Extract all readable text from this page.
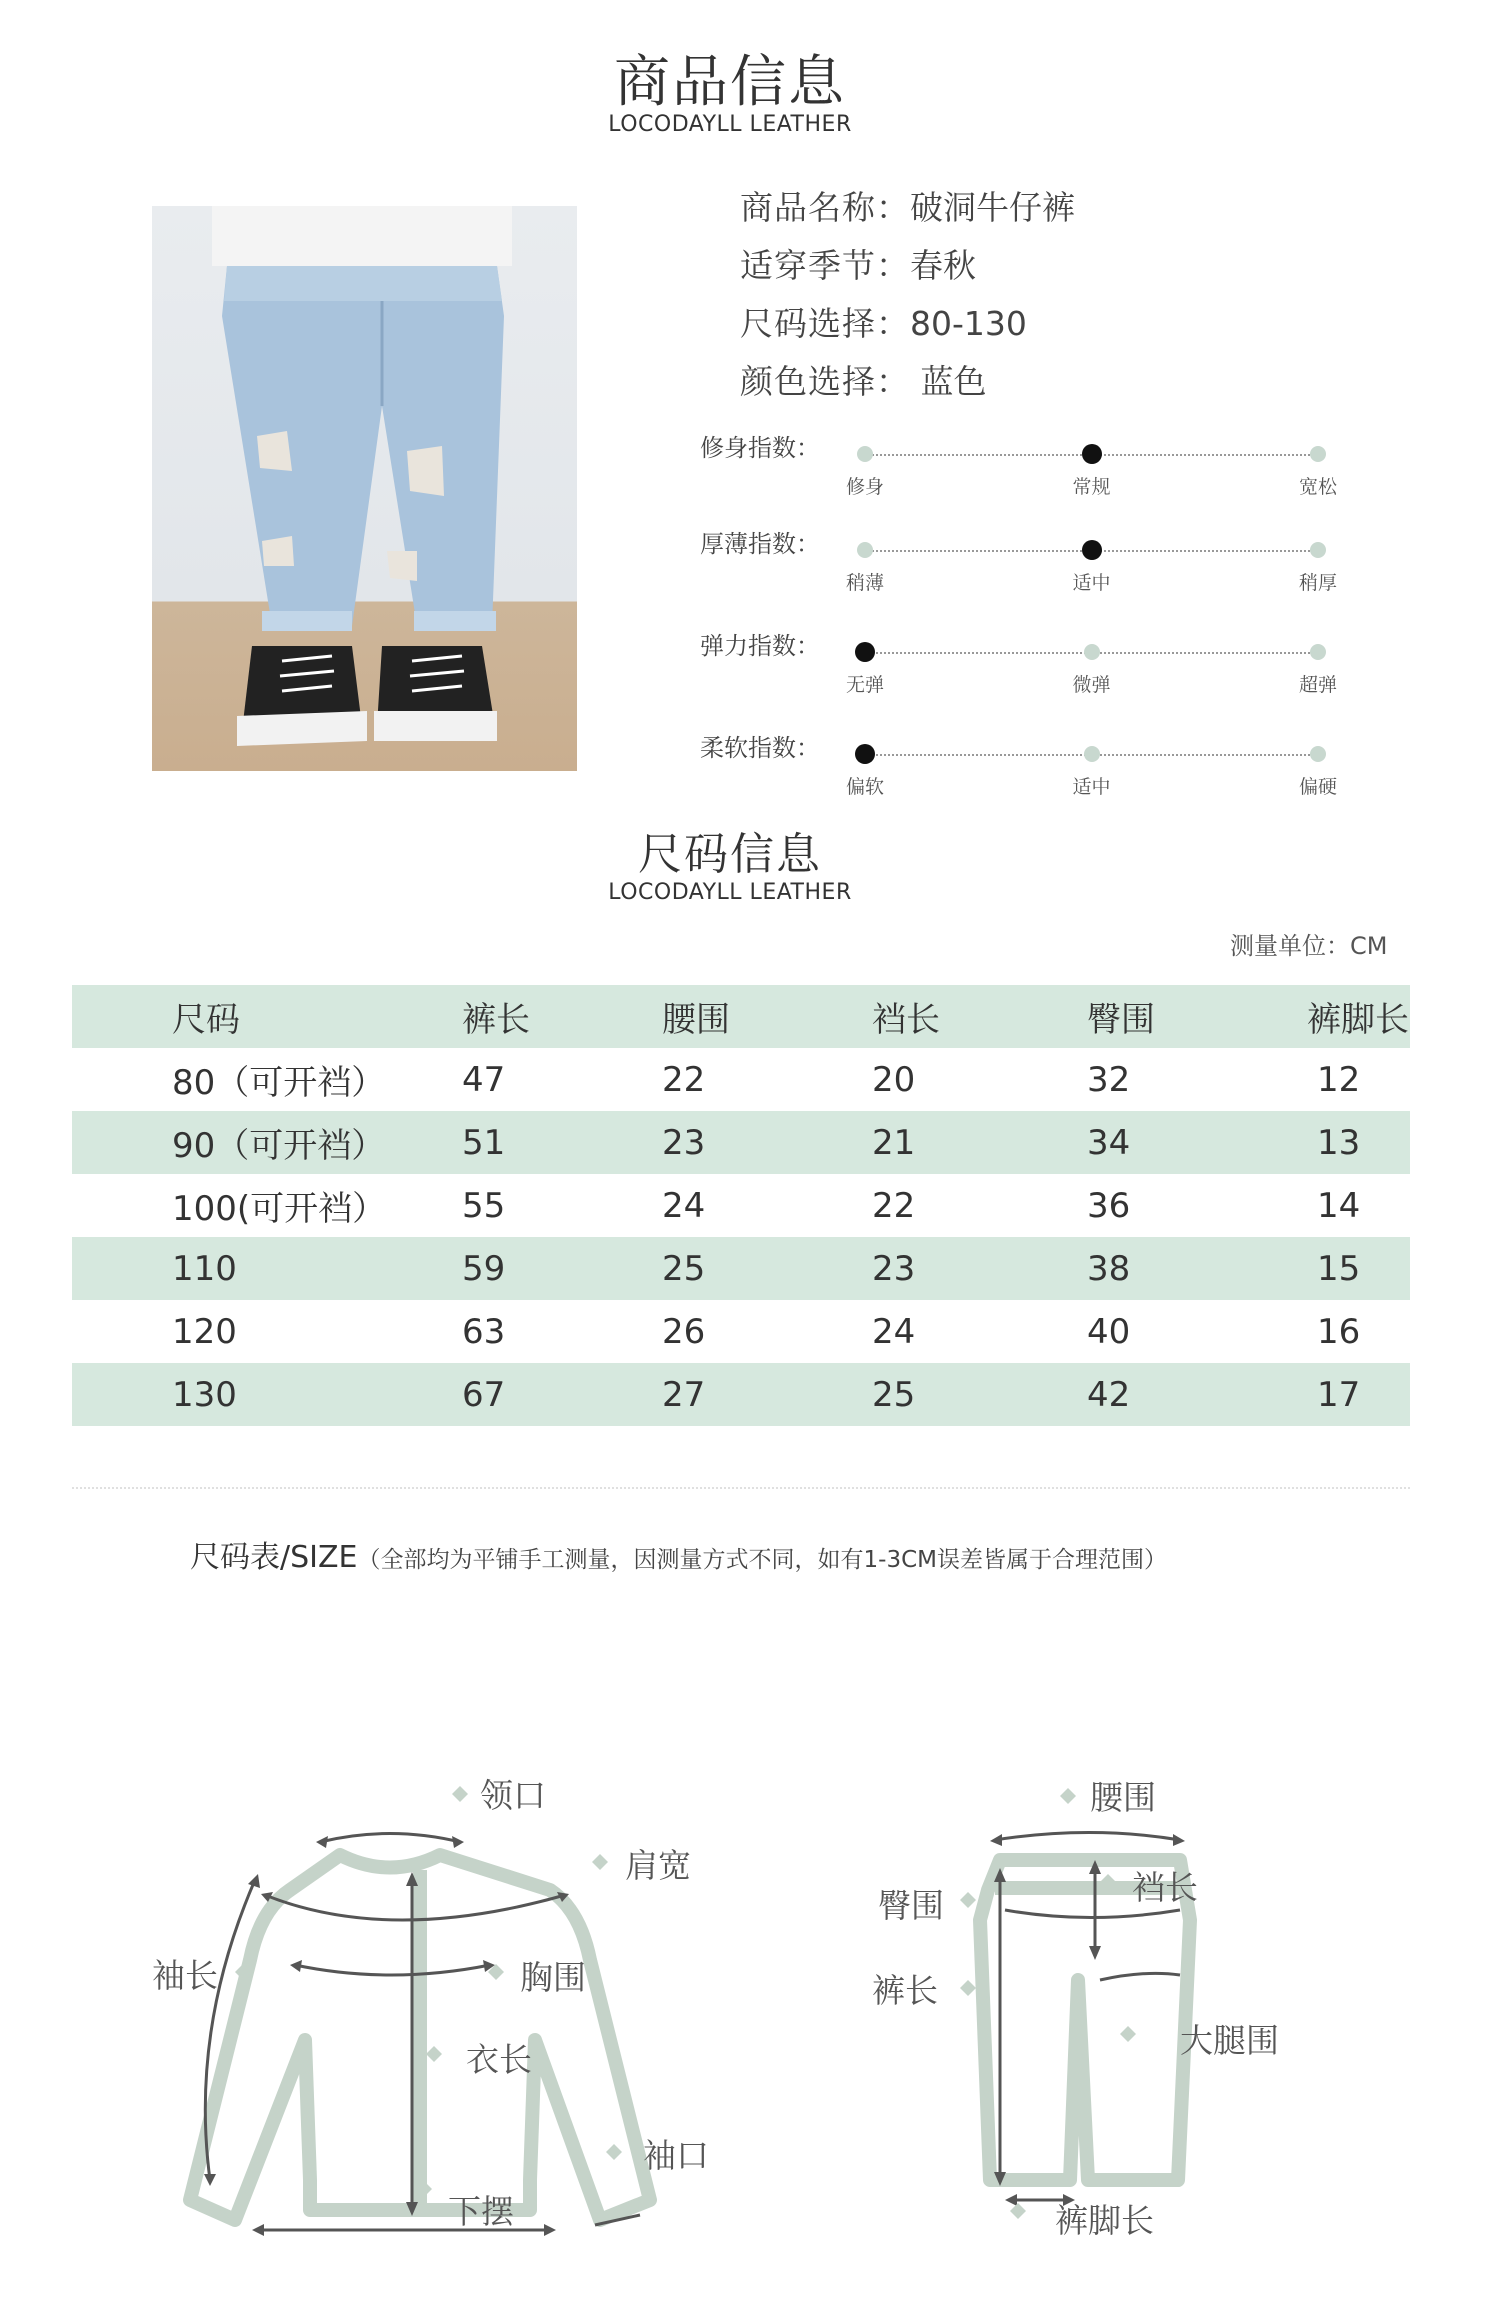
商品信息
LOCODAYLL LEATHER
商品名称：破洞牛仔裤
适穿季节：春秋
尺码选择：80-130
颜色选择： 蓝色
修身指数：
修身	常规	宽松
厚薄指数：
稍薄	适中	稍厚
弹力指数：
无弹	微弹	超弹
柔软指数：
偏软	适中	偏硬
尺码信息
LOCODAYLL LEATHER
测量单位：CM
尺码	裤长	腰围	裆长	臀围	裤脚长
80（可开裆）	47	22	20	32	12
90（可开裆）	51	23	21	34	13
100(可开裆）	55	24	22	36	14
110	59	25	23	38	15
120	63	26	24	40	16
130	67	27	25	42	17
尺码表/SIZE（全部均为平铺手工测量，因测量方式不同，如有1-3CM误差皆属于合理范围）
领口
肩宽
袖长	胸围
衣长
袖口
下摆
腰围
臀围	裆长
裤长
大腿围
裤脚长
